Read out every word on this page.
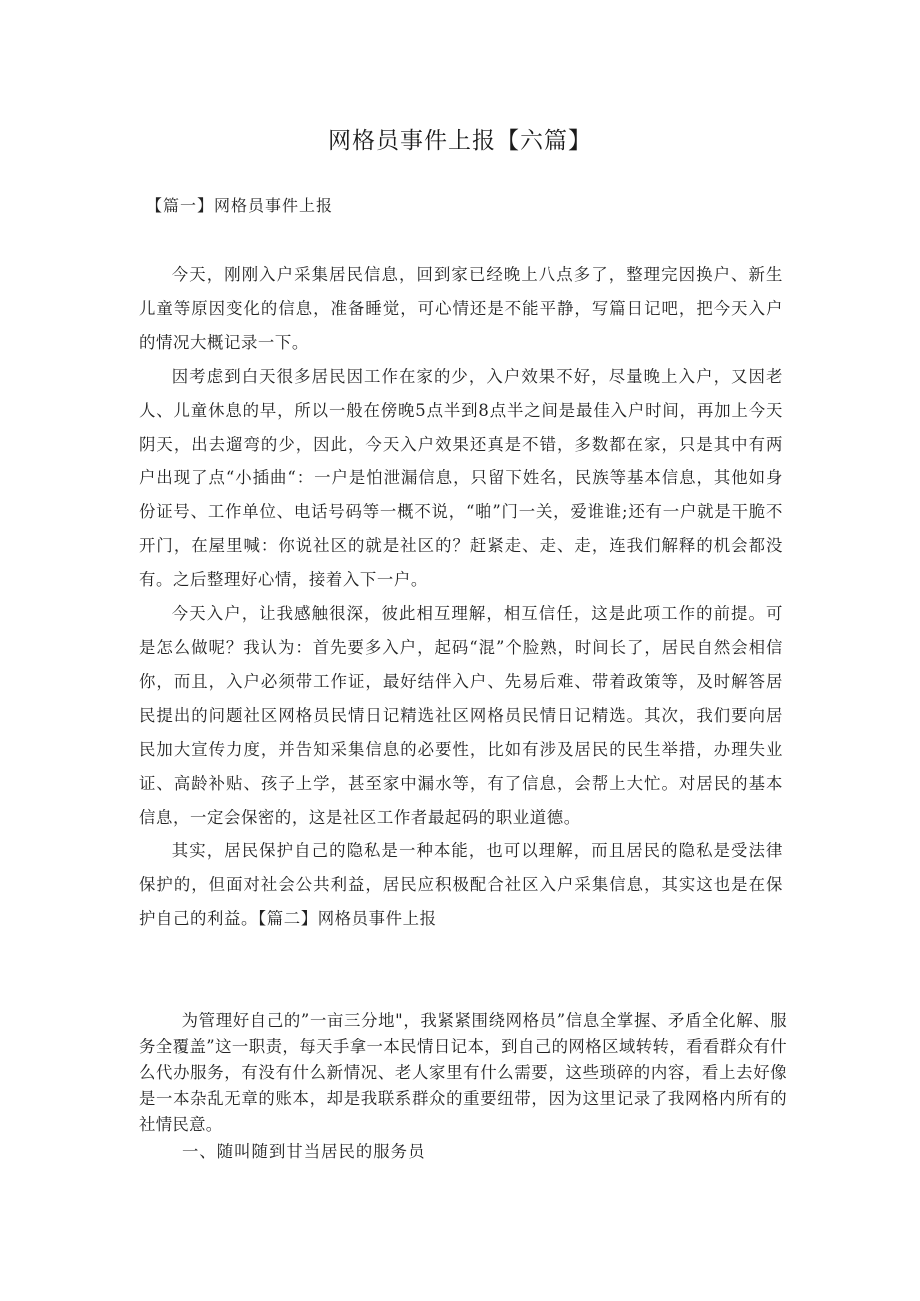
网格员事件上报【六篇】

【篇一】网格员事件上报

今天，刚刚入户采集居民信息，回到家已经晚上八点多了，整理完因换户、新生儿童等原因变化的信息，准备睡觉，可心情还是不能平静，写篇日记吧，把今天入户的情况大概记录一下。

因考虑到白天很多居民因工作在家的少，入户效果不好，尽量晚上入户，又因老人、儿童休息的早，所以一般在傍晚5点半到8点半之间是最佳入户时间，再加上今天阴天，出去遛弯的少，因此，今天入户效果还真是不错，多数都在家，只是其中有两户出现了点“小插曲“：一户是怕泄漏信息，只留下姓名，民族等基本信息，其他如身份证号、工作单位、电话号码等一概不说，“啪”门一关，爱谁谁;还有一户就是干脆不开门，在屋里喊：你说社区的就是社区的？赶紧走、走、走，连我们解释的机会都没有。之后整理好心情，接着入下一户。

今天入户，让我感触很深，彼此相互理解，相互信任，这是此项工作的前提。可是怎么做呢？我认为：首先要多入户，起码“混”个脸熟，时间长了，居民自然会相信你，而且，入户必须带工作证，最好结伴入户、先易后难、带着政策等，及时解答居民提出的问题社区网格员民情日记精选社区网格员民情日记精选。其次，我们要向居民加大宣传力度，并告知采集信息的必要性，比如有涉及居民的民生举措，办理失业证、高龄补贴、孩子上学，甚至家中漏水等，有了信息，会帮上大忙。对居民的基本信息，一定会保密的，这是社区工作者最起码的职业道德。

其实，居民保护自己的隐私是一种本能，也可以理解，而且居民的隐私是受法律保护的，但面对社会公共利益，居民应积极配合社区入户采集信息，其实这也是在保护自己的利益。【篇二】网格员事件上报

为管理好自己的”一亩三分地"，我紧紧围绕网格员”信息全掌握、矛盾全化解、服务全覆盖”这一职责，每天手拿一本民情日记本，到自己的网格区域转转，看看群众有什么代办服务，有没有什么新情况、老人家里有什么需要，这些琐碎的内容，看上去好像是一本杂乱无章的账本，却是我联系群众的重要纽带，因为这里记录了我网格内所有的社情民意。

一、随叫随到甘当居民的服务员
